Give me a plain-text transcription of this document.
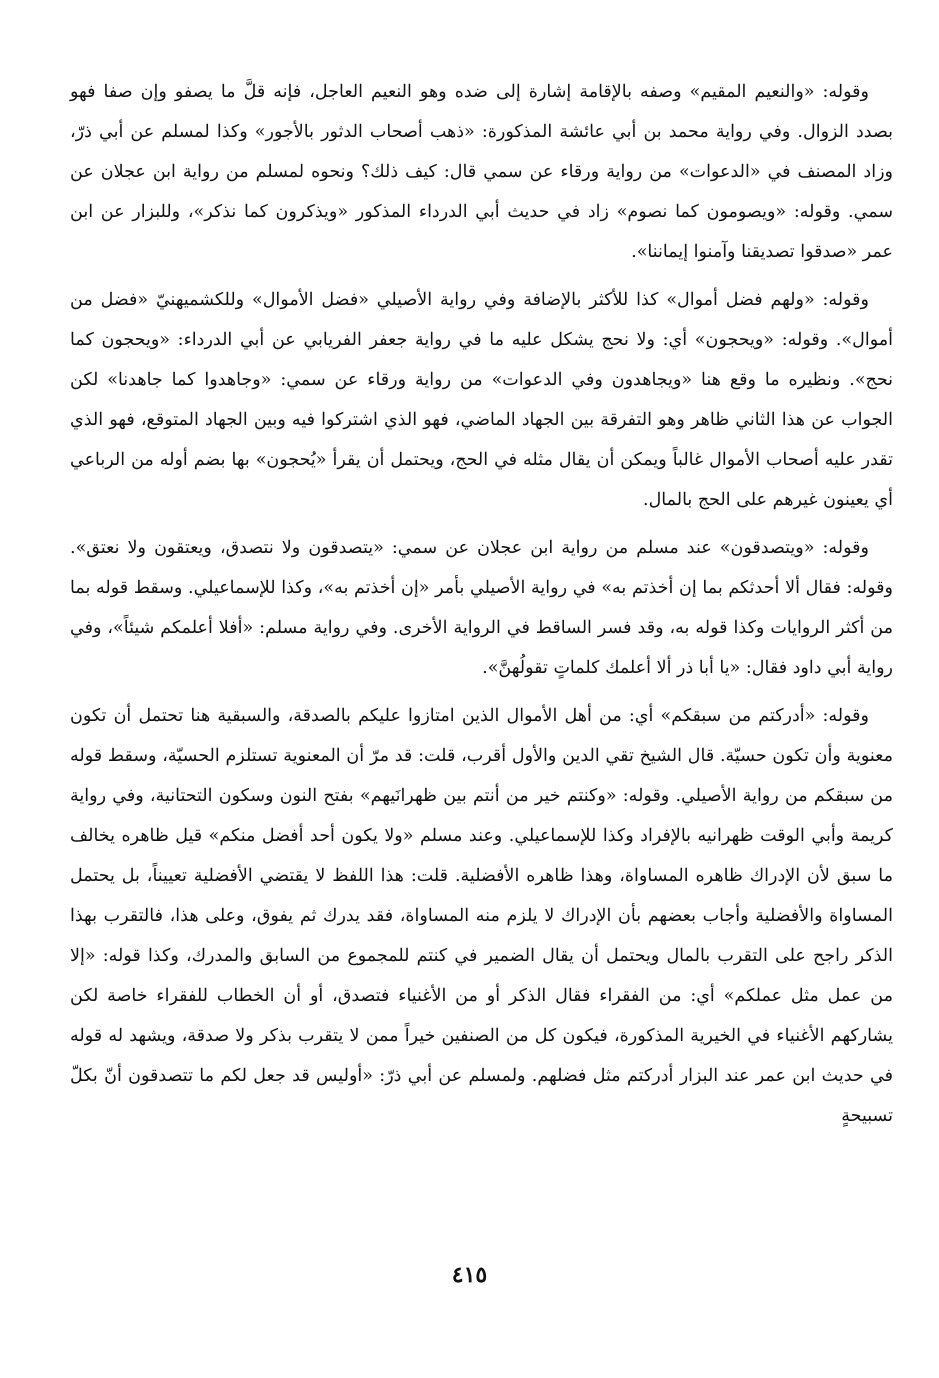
وقوله: «والنعيم المقيم» وصفه بالإقامة إشارة إلى ضده وهو النعيم العاجل، فإنه قلَّ ما يصفو وإن صفا فهو بصدد الزوال. وفي رواية محمد بن أبي عائشة المذكورة: «ذهب أصحاب الدثور بالأجور» وكذا لمسلم عن أبي ذرّ، وزاد المصنف في «الدعوات» من رواية ورقاء عن سمي قال: كيف ذلك؟ ونحوه لمسلم من رواية ابن عجلان عن سمي. وقوله: «ويصومون كما نصوم» زاد في حديث أبي الدرداء المذكور «ويذكرون كما نذكر»، وللبزار عن ابن عمر «صدقوا تصديقنا وآمنوا إيماننا».

وقوله: «ولهم فضل أموال» كذا للأكثر بالإضافة وفي رواية الأصيلي «فضل الأموال» وللكشميهنيّ «فضل من أموال». وقوله: «ويحجون» أي: ولا نحج يشكل عليه ما في رواية جعفر الفريابي عن أبي الدرداء: «ويحجون كما نحج». ونظيره ما وقع هنا «ويجاهدون وفي الدعوات» من رواية ورقاء عن سمي: «وجاهدوا كما جاهدنا» لكن الجواب عن هذا الثاني ظاهر وهو التفرقة بين الجهاد الماضي، فهو الذي اشتركوا فيه وبين الجهاد المتوقع، فهو الذي تقدر عليه أصحاب الأموال غالباً ويمكن أن يقال مثله في الحج، ويحتمل أن يقرأ «يُحجون» بها بضم أوله من الرباعي أي يعينون غيرهم على الحج بالمال.

وقوله: «ويتصدقون» عند مسلم من رواية ابن عجلان عن سمي: «يتصدقون ولا نتصدق، ويعتقون ولا نعتق». وقوله: فقال ألا أحدثكم بما إن أخذتم به» في رواية الأصيلي بأمر «إن أخذتم به»، وكذا للإسماعيلي. وسقط قوله بما من أكثر الروايات وكذا قوله به، وقد فسر الساقط في الرواية الأخرى. وفي رواية مسلم: «أفلا أعلمكم شيئاً»، وفي رواية أبي داود فقال: «يا أبا ذر ألا أعلمك كلماتٍ تقولُهنَّ».

وقوله: «أدركتم من سبقكم» أي: من أهل الأموال الذين امتازوا عليكم بالصدقة، والسبقية هنا تحتمل أن تكون معنوية وأن تكون حسيّة. قال الشيخ تقي الدين والأول أقرب، قلت: قد مرّ أن المعنوية تستلزم الحسيّة، وسقط قوله من سبقكم من رواية الأصيلي. وقوله: «وكنتم خير من أنتم بين ظهرانَيهم» بفتح النون وسكون التحتانية، وفي رواية كريمة وأبي الوقت ظهرانيه بالإفراد وكذا للإسماعيلي. وعند مسلم «ولا يكون أحد أفضل منكم» قيل ظاهره يخالف ما سبق لأن الإدراك ظاهره المساواة، وهذا ظاهره الأفضلية. قلت: هذا اللفظ لا يقتضي الأفضلية تعييناً، بل يحتمل المساواة والأفضلية وأجاب بعضهم بأن الإدراك لا يلزم منه المساواة، فقد يدرك ثم يفوق، وعلى هذا، فالتقرب بهذا الذكر راجح على التقرب بالمال ويحتمل أن يقال الضمير في كنتم للمجموع من السابق والمدرك، وكذا قوله: «إلا من عمل مثل عملكم» أي: من الفقراء فقال الذكر أو من الأغنياء فتصدق، أو أن الخطاب للفقراء خاصة لكن يشاركهم الأغنياء في الخيرية المذكورة، فيكون كل من الصنفين خيراً ممن لا يتقرب بذكر ولا صدقة، ويشهد له قوله في حديث ابن عمر عند البزار أدركتم مثل فضلهم. ولمسلم عن أبي ذرّ: «أوليس قد جعل لكم ما تتصدقون أنّ بكلّ تسبيحةٍ

٤١٥
